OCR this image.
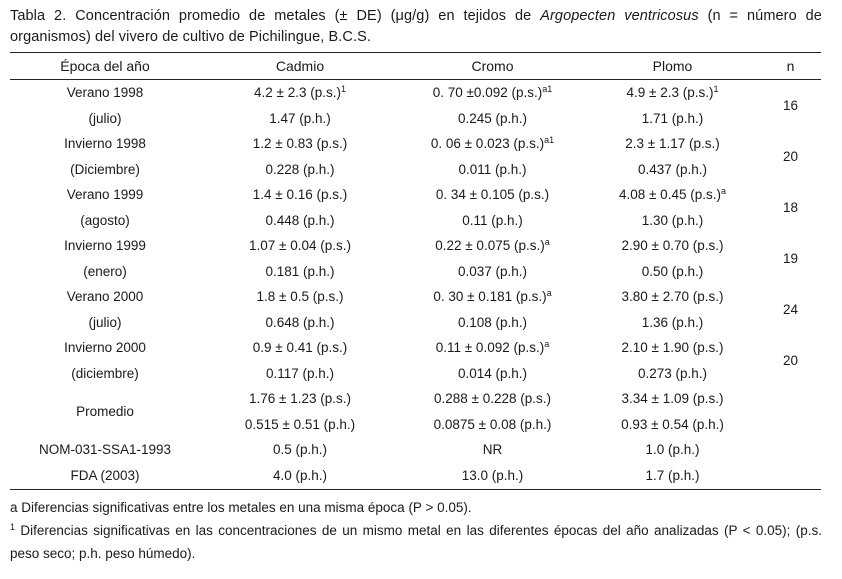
Tabla 2. Concentración promedio de metales (± DE) (μg/g) en tejidos de Argopecten ventricosus (n = número de organismos) del vivero de cultivo de Pichilingue, B.C.S.
Época del año	Cadmio	Cromo	Plomo	n
Verano 1998	4.2 ± 2.3 $(p.s.)^1$	0. 70 ±0.092 $(p.s.)^{a1}$	4.9 ± 2.3 $(p.s.)^1$	16
(julio)	1.47 (p.h.)	0.245 (p.h.)	1.71 (p.h.)	
Invierno 1998	1.2 ± 0.83 (p.s.)	0. 06 ± 0.023 $(p.s.)^{a1}$	2.3 ± 1.17 (p.s.)	20
(Diciembre)	0.228 (p.h.)	0.011 (p.h.)	0.437 (p.h.)	
Verano 1999	1.4 ± 0.16 (p.s.)	0. 34 ± 0.105 (p.s.)	4.08 ± 0.45 $(p.s.)^a$	18
(agosto)	0.448 (p.h.)	0.11 (p.h.)	1.30 (p.h.)	
Invierno 1999	1.07 ± 0.04 (p.s.)	0.22 ± 0.075 $(p.s.)^a$	2.90 ± 0.70 (p.s.)	19
(enero)	0.181 (p.h.)	0.037 (p.h.)	0.50 (p.h.)	
Verano 2000	1.8 ± 0.5 (p.s.)	0. 30 ± 0.181 $(p.s.)^a$	3.80 ± 2.70 (p.s.)	24
(julio)	0.648 (p.h.)	0.108 (p.h.)	1.36 (p.h.)	
Invierno 2000	0.9 ± 0.41 (p.s.)	0.11 ± 0.092 $(p.s.)^a$	2.10 ± 1.90 (p.s.)	20
(diciembre)	0.117 (p.h.)	0.014 (p.h.)	0.273 (p.h.)	
Promedio	1.76 ± 1.23 (p.s.)	0.288 ± 0.228 (p.s.)	3.34 ± 1.09 (p.s.)	
	0.515 ± 0.51 (p.h.)	0.0875 ± 0.08 (p.h.)	0.93 ± 0.54 (p.h.)	
NOM-031-SSA1-1993	0.5 (p.h.)	NR	1.0 (p.h.)	
FDA (2003)	4.0 (p.h.)	13.0 (p.h.)	1.7 (p.h.)	
a Diferencias significativas entre los metales en una misma época (P > 0.05).
$^1$ Diferencias significativas en las concentraciones de un mismo metal en las diferentes épocas del año analizadas (P < 0.05); (p.s. peso seco; p.h. peso húmedo).
